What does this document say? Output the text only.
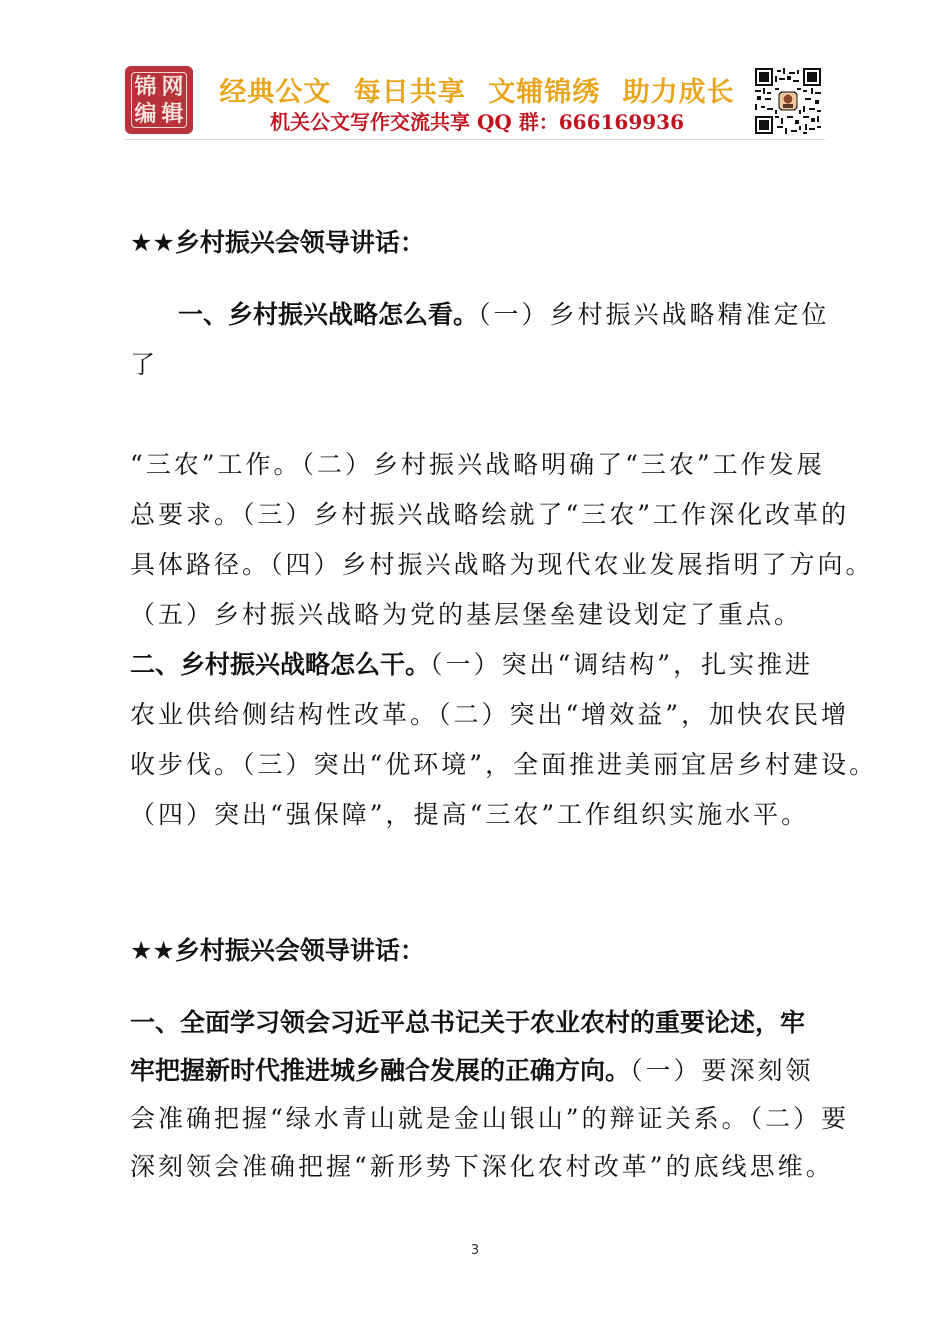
锦 网
编 辑
经典公文 每日共享 文辅锦绣 助力成长
机关公文写作交流共享 QQ 群：666169936

★★乡村振兴会领导讲话：

一、乡村振兴战略怎么看。（一）乡村振兴战略精准定位

了

“三农”工作。（二）乡村振兴战略明确了“三农”工作发展

总要求。（三）乡村振兴战略绘就了“三农”工作深化改革的

具体路径。（四）乡村振兴战略为现代农业发展指明了方向。

（五）乡村振兴战略为党的基层堡垒建设划定了重点。

二、乡村振兴战略怎么干。（一）突出“调结构”，扎实推进

农业供给侧结构性改革。（二）突出“增效益”，加快农民增

收步伐。（三）突出“优环境”，全面推进美丽宜居乡村建设。

（四）突出“强保障”，提高“三农”工作组织实施水平。

★★乡村振兴会领导讲话：

一、全面学习领会习近平总书记关于农业农村的重要论述，牢

牢把握新时代推进城乡融合发展的正确方向。（一）要深刻领

会准确把握“绿水青山就是金山银山”的辩证关系。（二）要

深刻领会准确把握“新形势下深化农村改革”的底线思维。

3
